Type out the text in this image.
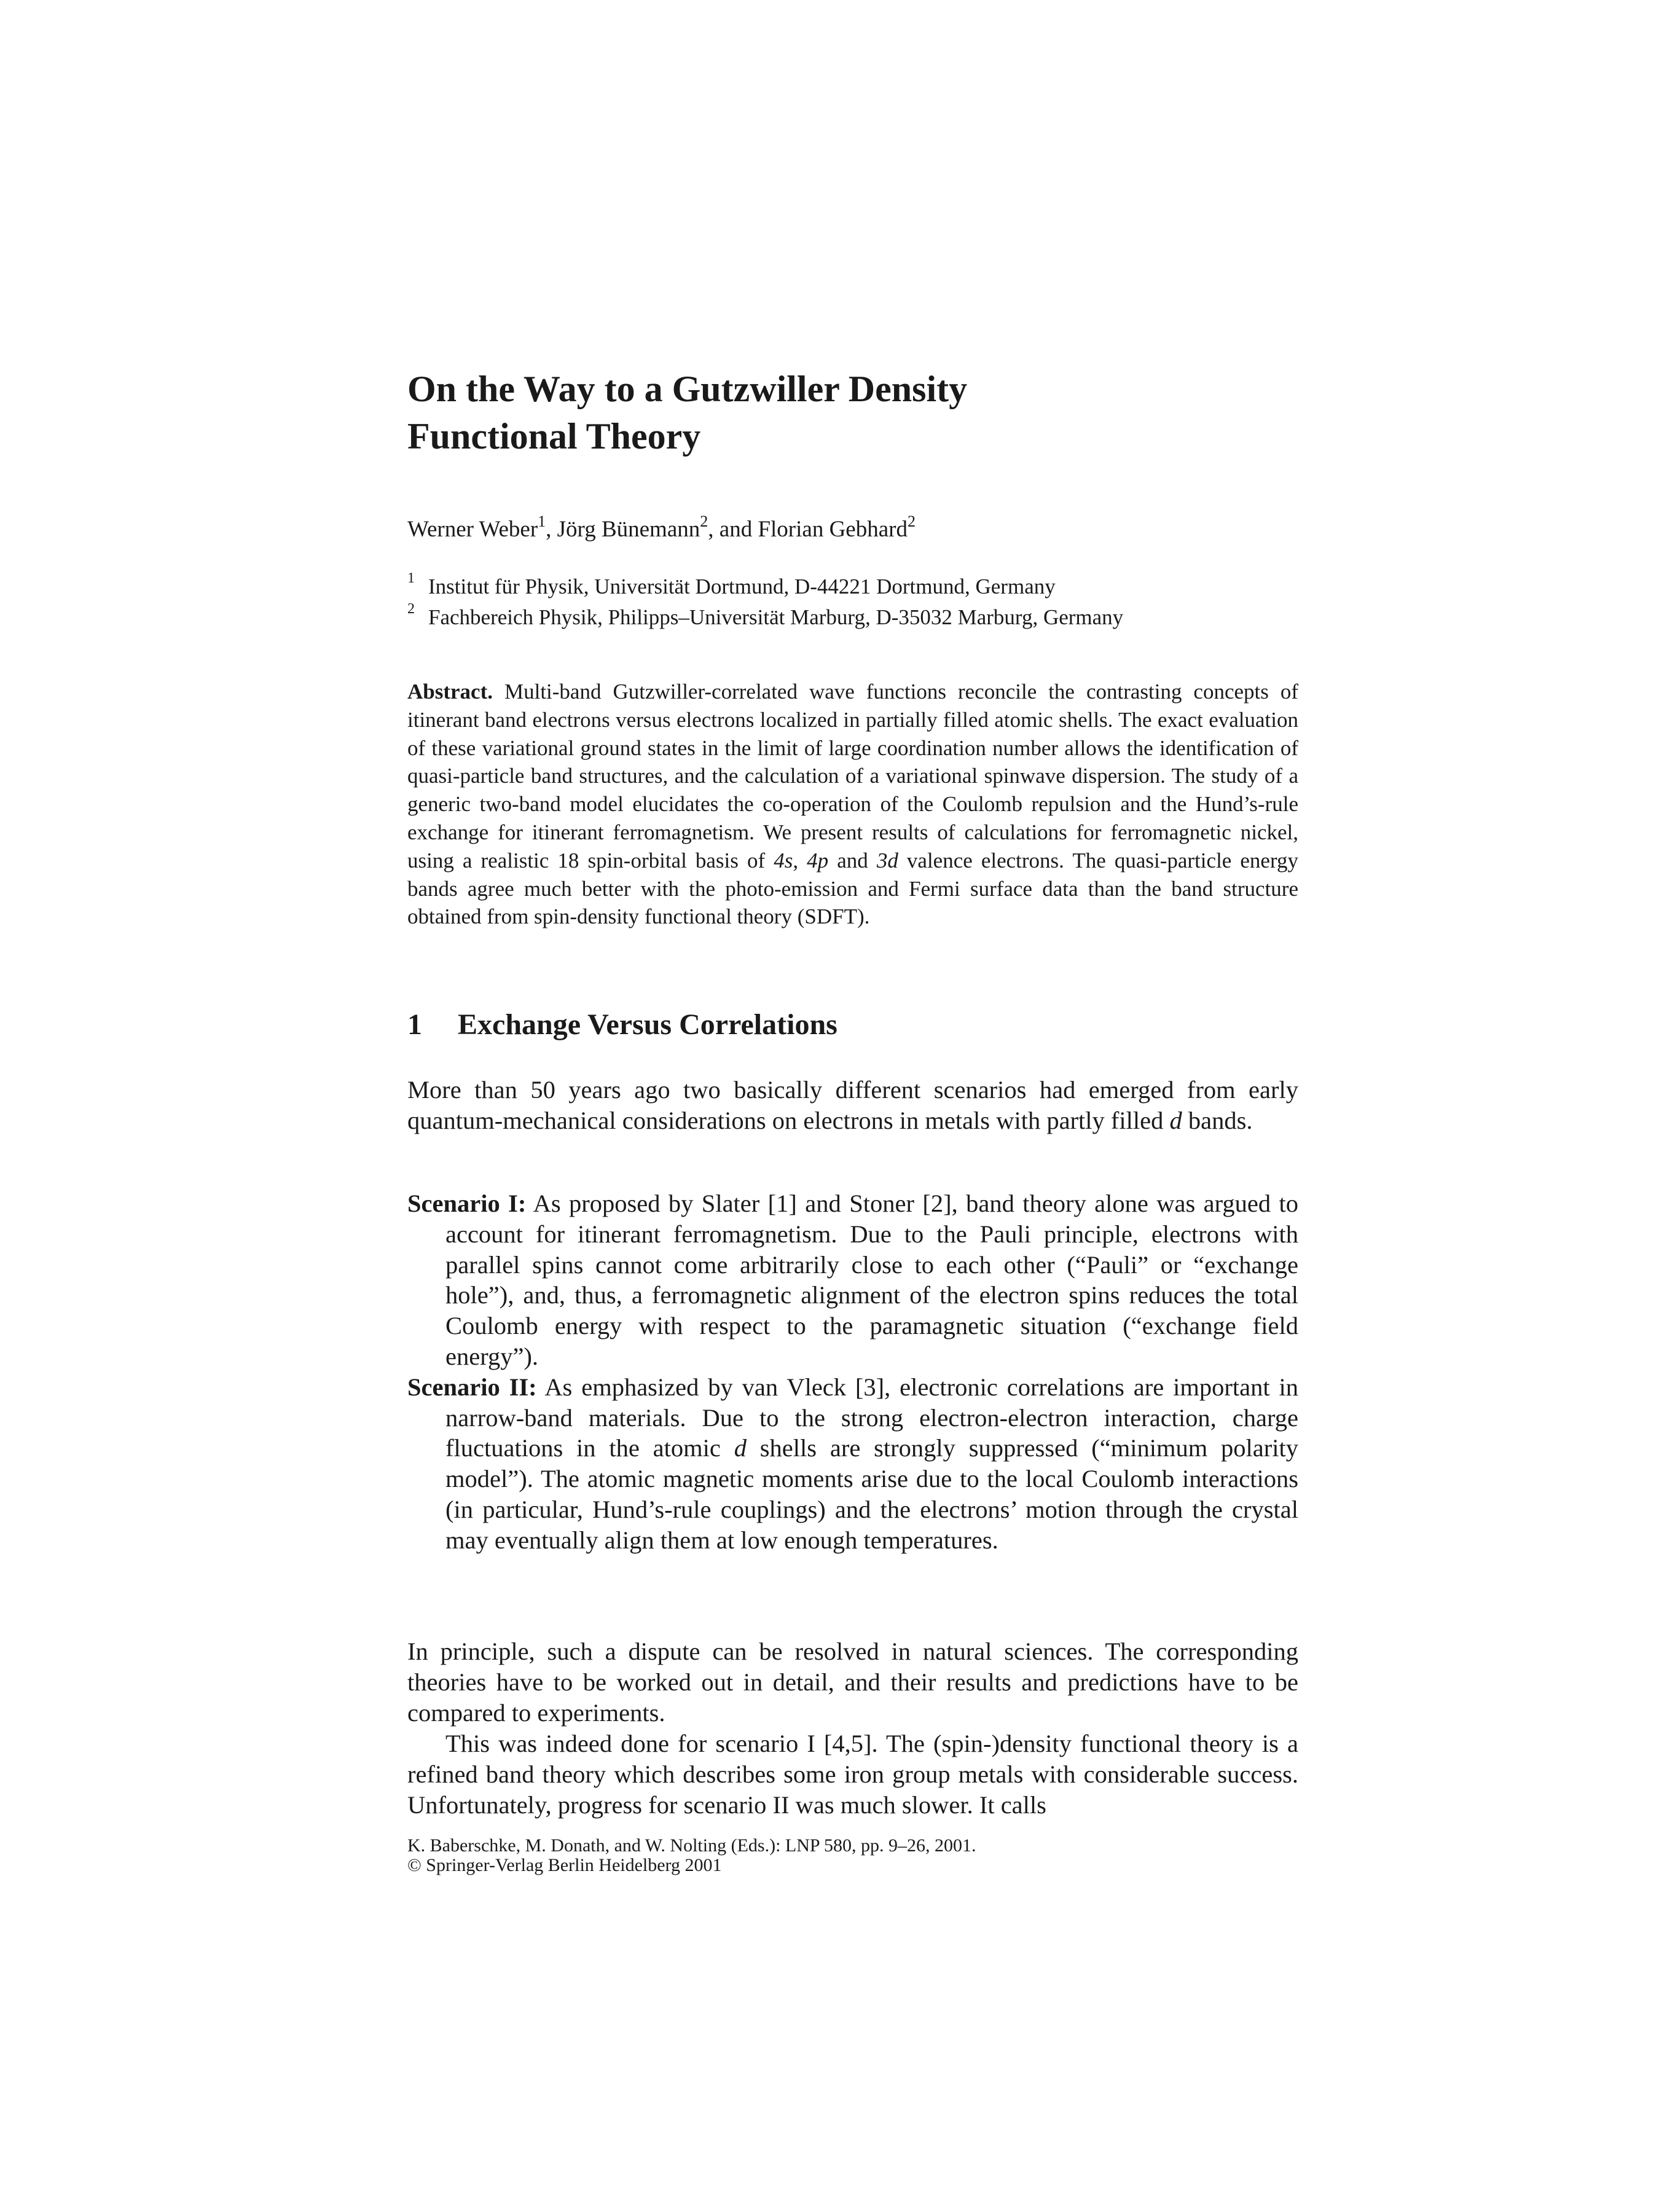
On the Way to a Gutzwiller Density
Functional Theory
Werner Weber$^1$, Jörg Bünemann$^2$, and Florian Gebhard$^2$
1 Institut für Physik, Universität Dortmund, D-44221 Dortmund, Germany
2 Fachbereich Physik, Philipps–Universität Marburg, D-35032 Marburg, Germany

Abstract. Multi-band Gutzwiller-correlated wave functions reconcile the contrasting concepts of itinerant band electrons versus electrons localized in partially filled atomic shells. The exact evaluation of these variational ground states in the limit of large coordination number allows the identification of quasi-particle band structures, and the calculation of a variational spinwave dispersion. The study of a generic two-band model elucidates the co-operation of the Coulomb repulsion and the Hund’s-rule exchange for itinerant ferromagnetism. We present results of calculations for ferromagnetic nickel, using a realistic 18 spin-orbital basis of 4s, 4p and 3d valence electrons. The quasi-particle energy bands agree much better with the photo-emission and Fermi surface data than the band structure obtained from spin-density functional theory (SDFT).

1 Exchange Versus Correlations

More than 50 years ago two basically different scenarios had emerged from early quantum-mechanical considerations on electrons in metals with partly filled d bands.

Scenario I: As proposed by Slater [1] and Stoner [2], band theory alone was argued to account for itinerant ferromagnetism. Due to the Pauli principle, electrons with parallel spins cannot come arbitrarily close to each other (“Pauli” or “exchange hole”), and, thus, a ferromagnetic alignment of the electron spins reduces the total Coulomb energy with respect to the paramagnetic situation (“exchange field energy”).

Scenario II: As emphasized by van Vleck [3], electronic correlations are important in narrow-band materials. Due to the strong electron-electron interaction, charge fluctuations in the atomic d shells are strongly suppressed (“minimum polarity model”). The atomic magnetic moments arise due to the local Coulomb interactions (in particular, Hund’s-rule couplings) and the electrons’ motion through the crystal may eventually align them at low enough temperatures.

In principle, such a dispute can be resolved in natural sciences. The corresponding theories have to be worked out in detail, and their results and predictions have to be compared to experiments.

This was indeed done for scenario I [4,5]. The (spin-)density functional theory is a refined band theory which describes some iron group metals with considerable success. Unfortunately, progress for scenario II was much slower. It calls

K. Baberschke, M. Donath, and W. Nolting (Eds.): LNP 580, pp. 9–26, 2001.
© Springer-Verlag Berlin Heidelberg 2001
